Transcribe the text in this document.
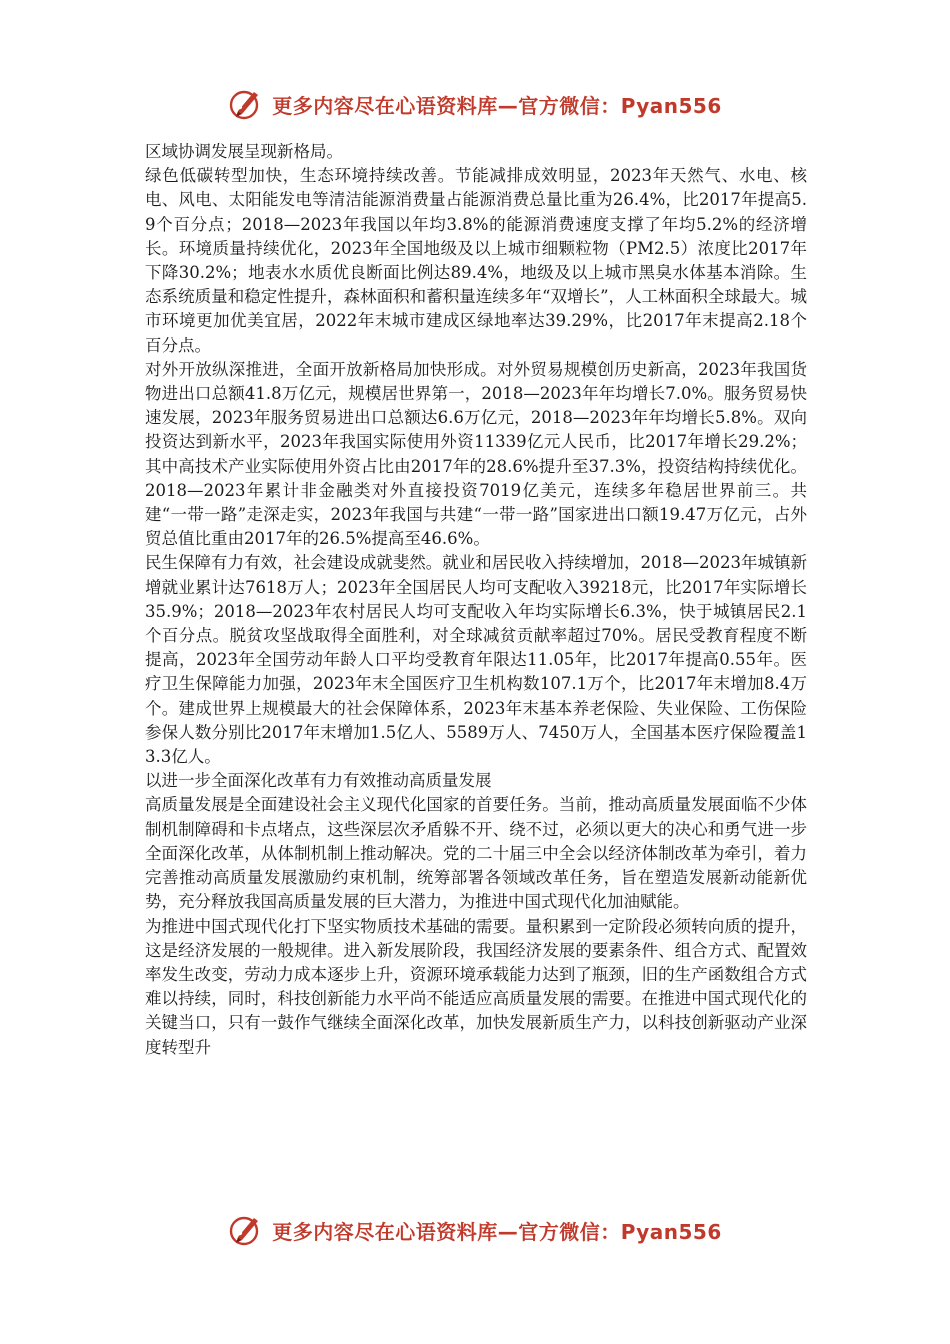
更多内容尽在心语资料库—官方微信：Pyan556

区域协调发展呈现新格局。

绿色低碳转型加快，生态环境持续改善。节能减排成效明显，2023年天然气、水电、核电、风电、太阳能发电等清洁能源消费量占能源消费总量比重为26.4%，比2017年提高5.9个百分点；2018—2023年我国以年均3.8%的能源消费速度支撑了年均5.2%的经济增长。环境质量持续优化，2023年全国地级及以上城市细颗粒物（PM2.5）浓度比2017年下降30.2%；地表水水质优良断面比例达89.4%，地级及以上城市黑臭水体基本消除。生态系统质量和稳定性提升，森林面积和蓄积量连续多年“双增长”，人工林面积全球最大。城市环境更加优美宜居，2022年末城市建成区绿地率达39.29%，比2017年末提高2.18个百分点。

对外开放纵深推进，全面开放新格局加快形成。对外贸易规模创历史新高，2023年我国货物进出口总额41.8万亿元，规模居世界第一，2018—2023年年均增长7.0%。服务贸易快速发展，2023年服务贸易进出口总额达6.6万亿元，2018—2023年年均增长5.8%。双向投资达到新水平，2023年我国实际使用外资11339亿元人民币，比2017年增长29.2%；其中高技术产业实际使用外资占比由2017年的28.6%提升至37.3%，投资结构持续优化。2018—2023年累计非金融类对外直接投资7019亿美元，连续多年稳居世界前三。共建“一带一路”走深走实，2023年我国与共建“一带一路”国家进出口额19.47万亿元，占外贸总值比重由2017年的26.5%提高至46.6%。

民生保障有力有效，社会建设成就斐然。就业和居民收入持续增加，2018—2023年城镇新增就业累计达7618万人；2023年全国居民人均可支配收入39218元，比2017年实际增长35.9%；2018—2023年农村居民人均可支配收入年均实际增长6.3%，快于城镇居民2.1个百分点。脱贫攻坚战取得全面胜利，对全球减贫贡献率超过70%。居民受教育程度不断提高，2023年全国劳动年龄人口平均受教育年限达11.05年，比2017年提高0.55年。医疗卫生保障能力加强，2023年末全国医疗卫生机构数107.1万个，比2017年末增加8.4万个。建成世界上规模最大的社会保障体系，2023年末基本养老保险、失业保险、工伤保险参保人数分别比2017年末增加1.5亿人、5589万人、7450万人，全国基本医疗保险覆盖13.3亿人。

以进一步全面深化改革有力有效推动高质量发展

高质量发展是全面建设社会主义现代化国家的首要任务。当前，推动高质量发展面临不少体制机制障碍和卡点堵点，这些深层次矛盾躲不开、绕不过，必须以更大的决心和勇气进一步全面深化改革，从体制机制上推动解决。党的二十届三中全会以经济体制改革为牵引，着力完善推动高质量发展激励约束机制，统筹部署各领域改革任务，旨在塑造发展新动能新优势，充分释放我国高质量发展的巨大潜力，为推进中国式现代化加油赋能。

为推进中国式现代化打下坚实物质技术基础的需要。量积累到一定阶段必须转向质的提升，这是经济发展的一般规律。进入新发展阶段，我国经济发展的要素条件、组合方式、配置效率发生改变，劳动力成本逐步上升，资源环境承载能力达到了瓶颈，旧的生产函数组合方式难以持续，同时，科技创新能力水平尚不能适应高质量发展的需要。在推进中国式现代化的关键当口，只有一鼓作气继续全面深化改革，加快发展新质生产力，以科技创新驱动产业深度转型升

更多内容尽在心语资料库—官方微信：Pyan556
